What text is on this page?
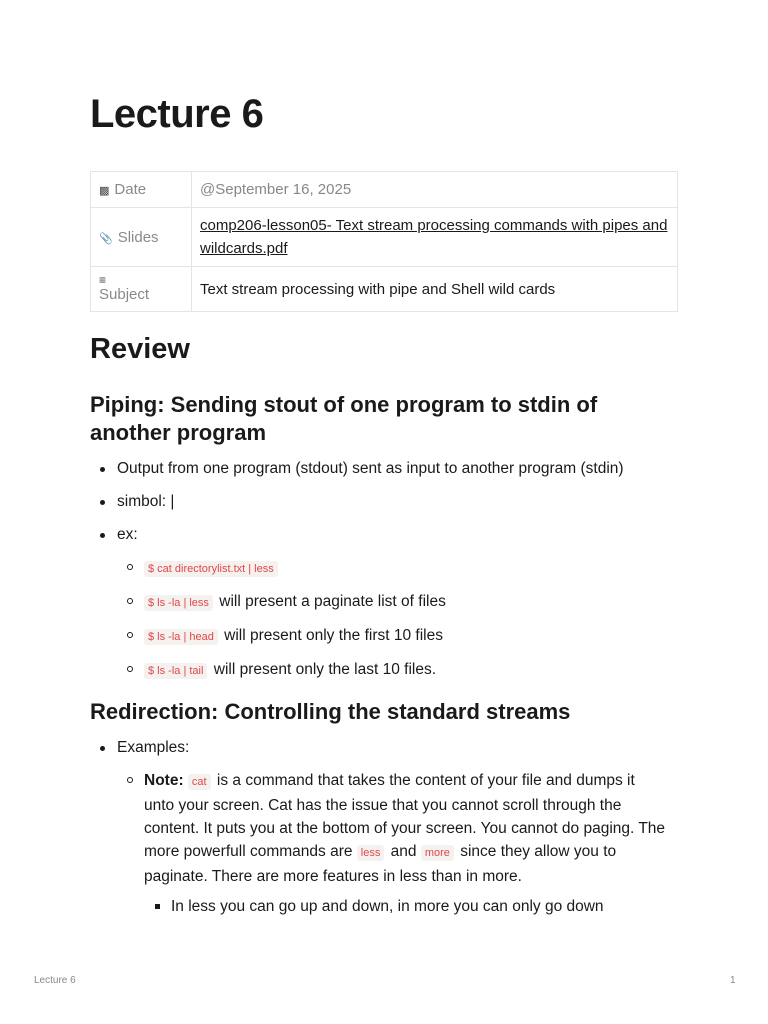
Lecture 6
▩ Date	@September 16, 2025
📎 Slides	comp206-lesson05- Text stream processing commands with pipes and wildcards.pdf

≡
Subject	Text stream processing with pipe and Shell wild cards
Review
Piping: Sending stout of one program to stdin of another program
Output from one program (stdout) sent as input to another program (stdin)
simbol: |
ex:
$ cat directorylist.txt | less
$ ls -la | less will present a paginate list of files
$ ls -la | head will present only the first 10 files
$ ls -la | tail will present only the last 10 files.
Redirection: Controlling the standard streams
Examples:
Note: cat is a command that takes the content of your file and dumps it unto your screen. Cat has the issue that you cannot scroll through the content. It puts you at the bottom of your screen. You cannot do paging. The more powerfull commands are less and more since they allow you to paginate. There are more features in less than in more.
In less you can go up and down, in more you can only go down
Lecture 6	1
